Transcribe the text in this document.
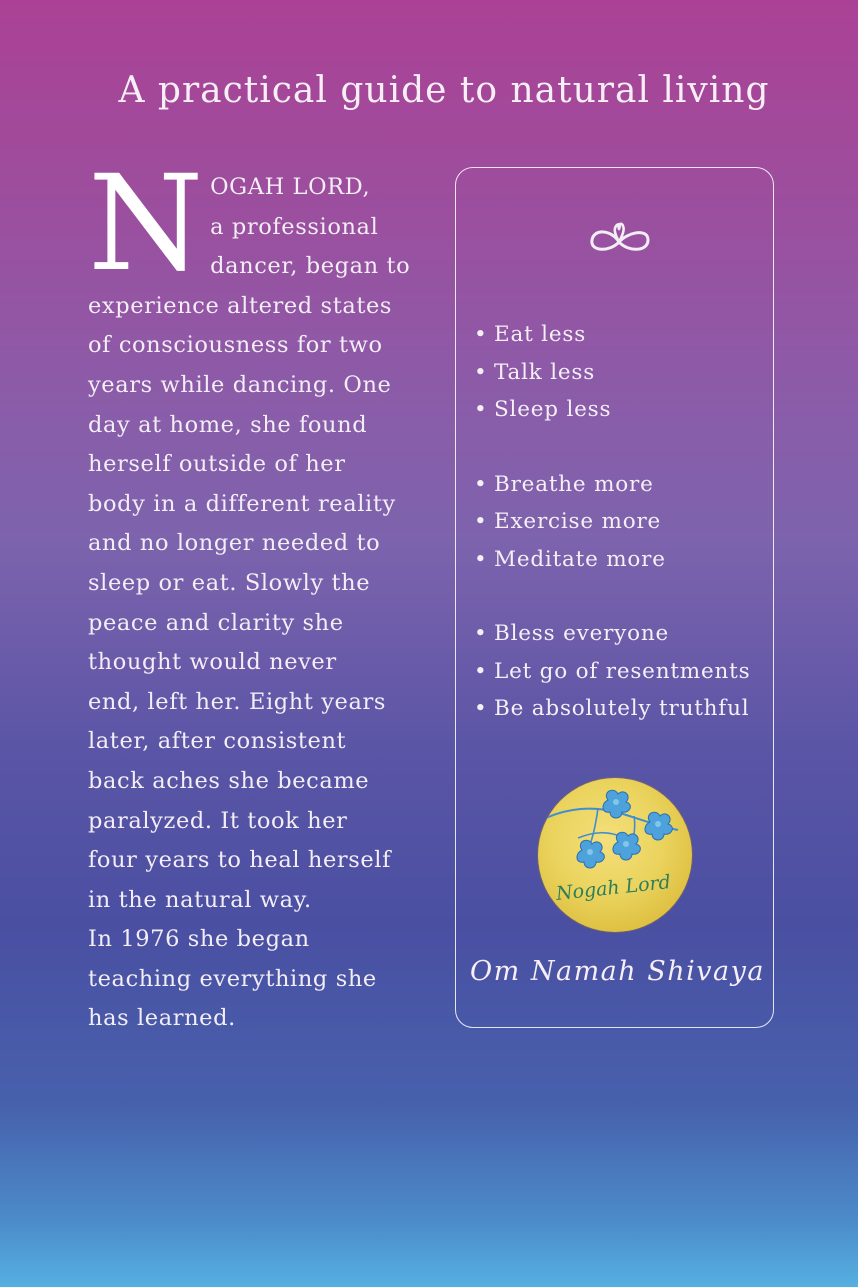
A practical guide to natural living
N OGAH LORD,

a professional

dancer, began to

experience altered states

of consciousness for two

years while dancing. One

day at home, she found

herself outside of her

body in a different reality

and no longer needed to

sleep or eat. Slowly the

peace and clarity she

thought would never

end, left her. Eight years

later, after consistent

back aches she became

paralyzed. It took her

four years to heal herself

in the natural way.

In 1976 she began

teaching everything she

has learned.

• Eat less
• Talk less
• Sleep less
• Breathe more
• Exercise more
• Meditate more
• Bless everyone
• Let go of resentments
• Be absolutely truthful
Nogah Lord
Om Namah Shivaya
